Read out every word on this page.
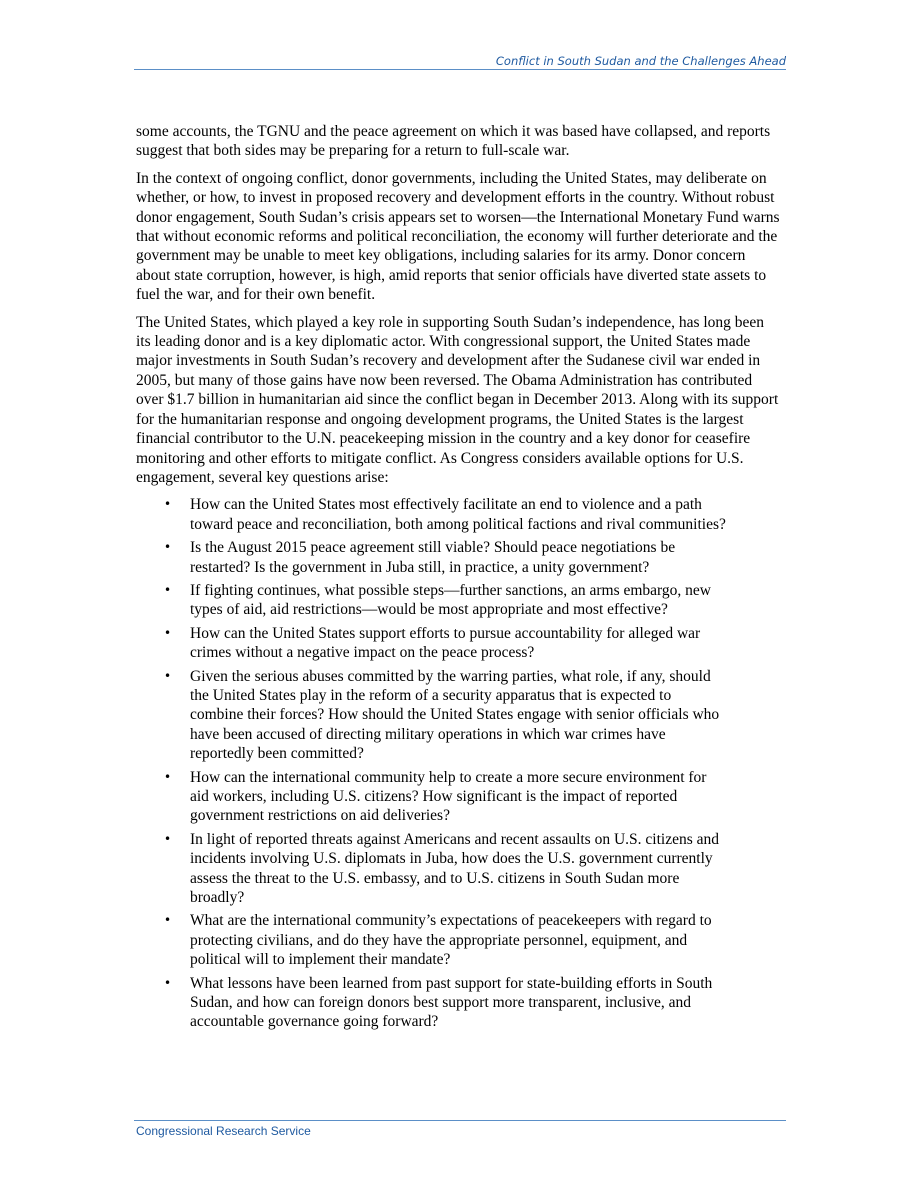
Conflict in South Sudan and the Challenges Ahead

some accounts, the TGNU and the peace agreement on which it was based have collapsed, and reports suggest that both sides may be preparing for a return to full-scale war.

In the context of ongoing conflict, donor governments, including the United States, may deliberate on whether, or how, to invest in proposed recovery and development efforts in the country. Without robust donor engagement, South Sudan’s crisis appears set to worsen—the International Monetary Fund warns that without economic reforms and political reconciliation, the economy will further deteriorate and the government may be unable to meet key obligations, including salaries for its army. Donor concern about state corruption, however, is high, amid reports that senior officials have diverted state assets to fuel the war, and for their own benefit.

The United States, which played a key role in supporting South Sudan’s independence, has long been its leading donor and is a key diplomatic actor. With congressional support, the United States made major investments in South Sudan’s recovery and development after the Sudanese civil war ended in 2005, but many of those gains have now been reversed. The Obama Administration has contributed over $1.7 billion in humanitarian aid since the conflict began in December 2013. Along with its support for the humanitarian response and ongoing development programs, the United States is the largest financial contributor to the U.N. peacekeeping mission in the country and a key donor for ceasefire monitoring and other efforts to mitigate conflict. As Congress considers available options for U.S. engagement, several key questions arise:

• How can the United States most effectively facilitate an end to violence and a path toward peace and reconciliation, both among political factions and rival communities?
• Is the August 2015 peace agreement still viable? Should peace negotiations be restarted? Is the government in Juba still, in practice, a unity government?
• If fighting continues, what possible steps—further sanctions, an arms embargo, new types of aid, aid restrictions—would be most appropriate and most effective?
• How can the United States support efforts to pursue accountability for alleged war crimes without a negative impact on the peace process?
• Given the serious abuses committed by the warring parties, what role, if any, should the United States play in the reform of a security apparatus that is expected to combine their forces? How should the United States engage with senior officials who have been accused of directing military operations in which war crimes have reportedly been committed?
• How can the international community help to create a more secure environment for aid workers, including U.S. citizens? How significant is the impact of reported government restrictions on aid deliveries?
• In light of reported threats against Americans and recent assaults on U.S. citizens and incidents involving U.S. diplomats in Juba, how does the U.S. government currently assess the threat to the U.S. embassy, and to U.S. citizens in South Sudan more broadly?
• What are the international community’s expectations of peacekeepers with regard to protecting civilians, and do they have the appropriate personnel, equipment, and political will to implement their mandate?
• What lessons have been learned from past support for state-building efforts in South Sudan, and how can foreign donors best support more transparent, inclusive, and accountable governance going forward?
Congressional Research Service
